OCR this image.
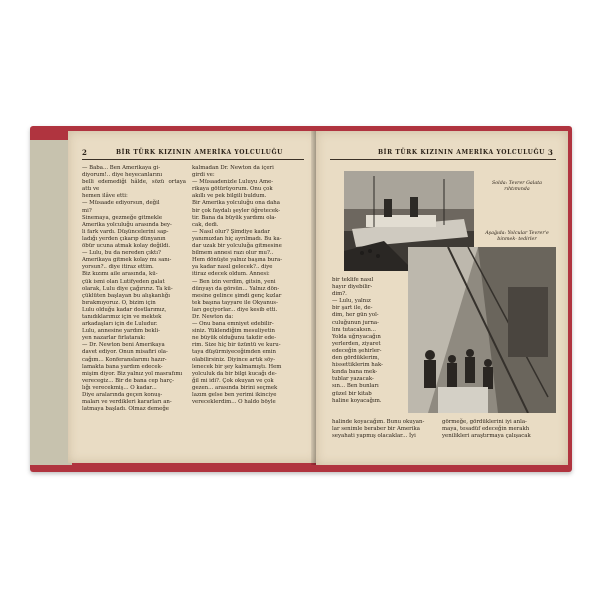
2	BİR TÜRK KIZININ AMERİKA YOLCULUĞU
— Baba... Ben Amerikaya gi-
diyorum!.. diye heyecanlarını
belli edemediği hâlde, sözü ortaya attı ve
hemen ilâve etti:
— Müsaade ediyorsun, değil
mi?
Sinemaya, gezmeğe gitmekle
Amerika yolculuğu arasında bey-
li fark vardı. Düşüncelerini sap-
ladığı yerden çıkarıp dünyanın
öbür ucuna atmak kolay değildi.
— Lulu, bu da nereden çıktı?
Amerikaya gitmek kolay mı sanı-
yorsun?.. diye itiraz ettim.
Biz kızımı aile arasında, kü-
çük ismi olan Lutifyeden galat
olarak, Lulu diye çağırırız. Ta kü-
çüklüten başlayan bu alışkanlığı
bırakmıyoruz. O, bizim için
Lulu olduğu kadar dostlarımız,
tanıdıklarımız için ve mektek
arkadaşları için de Luludur.
Lulu, annesine yardım bekli-
yen nazarlar fırlatarak:
— Dr. Newton beni Amerikaya
davet ediyor. Onun misafiri ola-
cağım... Konferanslarımı hazır-
lamakta bana yardım edecek-
mişim diyor. Biz yalnız yol masrafımı
verecegiz... Bir de bana cep harç-
lığı verecekmiş... O kadar...
Diye aralarında geçen konuş-
maları ve verdikleri kararları an-
latmaya başladı. Olmaz demeğe
kalmadan Dr. Newton da içeri
girdi ve:
— Müsaadenizle Luluyu Ame-
rikaya götürüyorum. Onu çok
akıllı ve pek bilgili buldum.
Bir Amerika yolculuğu ona daha
bir çok faydalı şeyler öğretecek-
tir. Bana da büyük yardımı ola-
cak, dedi.
— Nasıl olur? Şimdiye kadar
yanımızdan hiç ayrılmadı. Bu ka-
dar uzak bir yolculuğa gitmesine
bilmem annesi razı olur mu?..
Hem dönüşte yalnız başına bura-
ya kadar nasıl gelecek?.. diye
itiraz edecek oldum. Annesi:
— Ben izin verdim, gitsin, yeni
dünyayı da görsün... Yalnız dön-
mesine gelince şimdi genç kızlar
tek başına tayyare ile Okyanus-
ları geçiyorlar... diye kesib etti.
Dr. Newton da:
— Onu bana emniyet edebilir-
siniz. Yüklendiğim mesuliyetin
ne büyük olduğunu takdir ede-
rim. Size hiç bir üzüntü ve kuru-
taya düşürmiyeceğimden emin
olabilirsiniz. Diyince artık söy-
lenecek bir şey kalmamıştı. Hem
yolculuk da bir bilgi kucağı de-
ğil mi idi?. Çok okuyan ve çok
gezen... arasında birini seçmek
lazım gelse ben yerimi ikinciye
vereceklerdim... O haldo böyle
BİR TÜRK KIZININ AMERİKA YOLCULUĞU 3
Solda: Tevrer Galata rıhtımında
Aşağıda: Yolcular Tevrer'e binmek- tedirler
bir teklife nasıl
hayır diyebilir-
dim?.
— Lulu, yalnız
bir şart ile, de-
dim, her gün yol-
culuğunun jurna-
lını tutacaksın...
Yolda uğrıyacağın
yerlerden, ziyaret
edeceğin şehirler-
den gördüklerim,
hissettiklerim hak-
kında bana mek-
tublar yazacak-
sın... Ben bunları
güzel bir kitab
haline koyacağım.
halinde koyacağım. Bunu okuyan-
lar senimle beraber bir Amerika
seyahati yapmış olacaklar... İyi
görmeğe, gördüklerini iyi anla-
maya, tesadüf edeceğin merakh
yenilikleri araştırmaya çalışacak
